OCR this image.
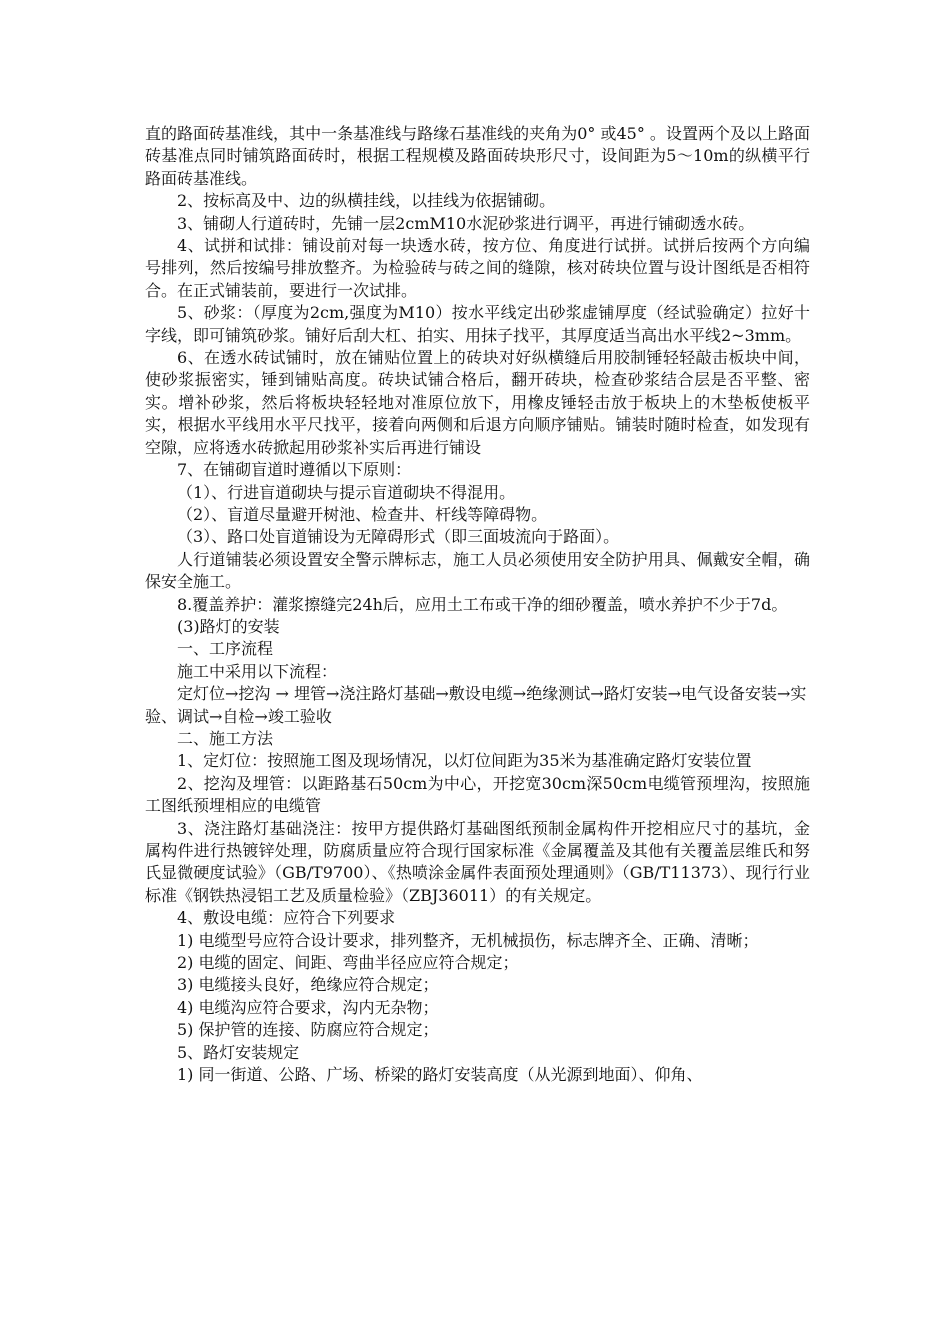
直的路面砖基准线，其中一条基准线与路缘石基准线的夹角为0° 或45° 。设置两个及以上路面砖基准点同时铺筑路面砖时，根据工程规模及路面砖块形尺寸，设间距为5～10m的纵横平行路面砖基准线。

2、按标高及中、边的纵横挂线，以挂线为依据铺砌。

3、铺砌人行道砖时，先铺一层2cmM10水泥砂浆进行调平，再进行铺砌透水砖。

4、试拼和试排：铺设前对每一块透水砖，按方位、角度进行试拼。试拼后按两个方向编号排列，然后按编号排放整齐。为检验砖与砖之间的缝隙，核对砖块位置与设计图纸是否相符合。在正式铺装前，要进行一次试排。

5、砂浆：（厚度为2cm,强度为M10）按水平线定出砂浆虚铺厚度（经试验确定）拉好十字线，即可铺筑砂浆。铺好后刮大杠、拍实、用抹子找平，其厚度适当高出水平线2~3mm。

6、在透水砖试铺时，放在铺贴位置上的砖块对好纵横缝后用胶制锤轻轻敲击板块中间，使砂浆振密实，锤到铺贴高度。砖块试铺合格后，翻开砖块，检查砂浆结合层是否平整、密实。增补砂浆，然后将板块轻轻地对准原位放下，用橡皮锤轻击放于板块上的木垫板使板平实，根据水平线用水平尺找平，接着向两侧和后退方向顺序铺贴。铺装时随时检查，如发现有空隙，应将透水砖掀起用砂浆补实后再进行铺设

7、在铺砌盲道时遵循以下原则：

（1）、行进盲道砌块与提示盲道砌块不得混用。

（2）、盲道尽量避开树池、检查井、杆线等障碍物。

（3）、路口处盲道铺设为无障碍形式（即三面坡流向于路面）。

人行道铺装必须设置安全警示牌标志，施工人员必须使用安全防护用具、佩戴安全帽，确保安全施工。

8.覆盖养护：灌浆擦缝完24h后，应用土工布或干净的细砂覆盖，喷水养护不少于7d。

(3)路灯的安装

一、工序流程

施工中采用以下流程：

定灯位→挖沟 → 埋管→浇注路灯基础→敷设电缆→绝缘测试→路灯安装→电气设备安装→实验、调试→自检→竣工验收

二、施工方法

1、定灯位：按照施工图及现场情况，以灯位间距为35米为基准确定路灯安装位置

2、挖沟及埋管：以距路基石50cm为中心，开挖宽30cm深50cm电缆管预埋沟，按照施工图纸预埋相应的电缆管

3、浇注路灯基础浇注：按甲方提供路灯基础图纸预制金属构件开挖相应尺寸的基坑，金属构件进行热镀锌处理，防腐质量应符合现行国家标准《金属覆盖及其他有关覆盖层维氏和努氏显微硬度试验》（GB/T9700）、《热喷涂金属件表面预处理通则》（GB/T11373）、现行行业标准《钢铁热浸铝工艺及质量检验》（ZBJ36011）的有关规定。

4、敷设电缆：应符合下列要求

1) 电缆型号应符合设计要求，排列整齐，无机械损伤，标志牌齐全、正确、清晰；

2) 电缆的固定、间距、弯曲半径应应符合规定；

3) 电缆接头良好，绝缘应符合规定；

4) 电缆沟应符合要求，沟内无杂物；

5) 保护管的连接、防腐应符合规定；

5、路灯安装规定

1) 同一街道、公路、广场、桥梁的路灯安装高度（从光源到地面）、仰角、
